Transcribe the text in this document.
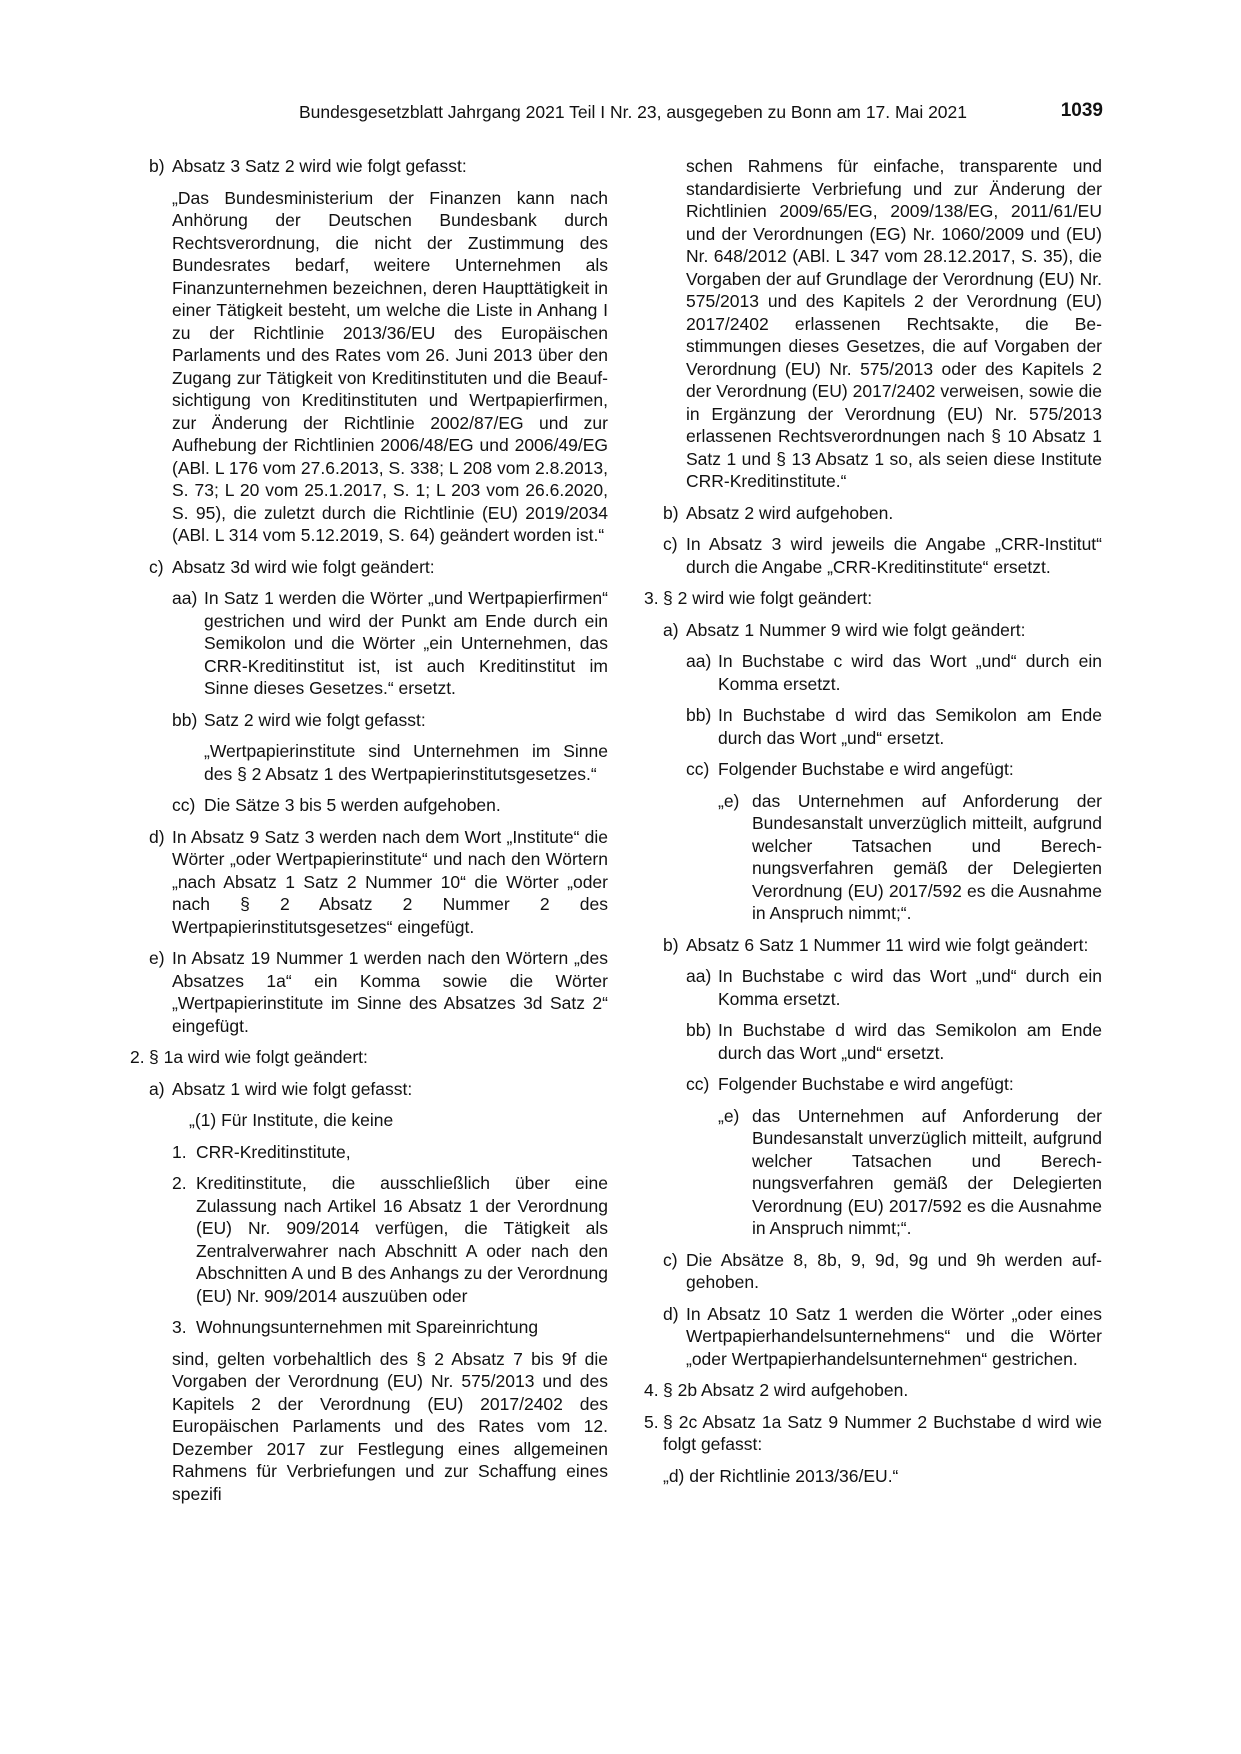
Bundesgesetzblatt Jahrgang 2021 Teil I Nr. 23, ausgegeben zu Bonn am 17. Mai 2021	1039
b) Absatz 3 Satz 2 wird wie folgt gefasst:
„Das Bundesministerium der Finanzen kann nach Anhörung der Deutschen Bundesbank durch Rechtsverordnung, die nicht der Zustimmung des Bundesrates bedarf, weitere Unternehmen als Finanzunternehmen bezeichnen, deren Haupttätigkeit in einer Tätigkeit besteht, um welche die Liste in Anhang I zu der Richtlinie 2013/36/EU des Europäischen Parlaments und des Rates vom 26. Juni 2013 über den Zugang zur Tätigkeit von Kreditinstituten und die Beaufsichtigung von Kreditinstituten und Wertpapierfirmen, zur Änderung der Richtlinie 2002/87/EG und zur Aufhebung der Richtlinien 2006/48/EG und 2006/49/EG (ABl. L 176 vom 27.6.2013, S. 338; L 208 vom 2.8.2013, S. 73; L 20 vom 25.1.2017, S. 1; L 203 vom 26.6.2020, S. 95), die zuletzt durch die Richtlinie (EU) 2019/2034 (ABl. L 314 vom 5.12.2019, S. 64) geändert worden ist.“
c) Absatz 3d wird wie folgt geändert:
aa) In Satz 1 werden die Wörter „und Wertpapierfirmen“ gestrichen und wird der Punkt am Ende durch ein Semikolon und die Wörter „ein Unternehmen, das CRR-Kreditinstitut ist, ist auch Kreditinstitut im Sinne dieses Gesetzes.“ ersetzt.
bb) Satz 2 wird wie folgt gefasst:
„Wertpapierinstitute sind Unternehmen im Sinne des § 2 Absatz 1 des Wertpapierinstitutsgesetzes.“
cc) Die Sätze 3 bis 5 werden aufgehoben.
d) In Absatz 9 Satz 3 werden nach dem Wort „Institute“ die Wörter „oder Wertpapierinstitute“ und nach den Wörtern „nach Absatz 1 Satz 2 Nummer 10“ die Wörter „oder nach § 2 Absatz 2 Nummer 2 des Wertpapierinstitutsgesetzes“ eingefügt.
e) In Absatz 19 Nummer 1 werden nach den Wörtern „des Absatzes 1a“ ein Komma sowie die Wörter „Wertpapierinstitute im Sinne des Absatzes 3d Satz 2“ eingefügt.
2. § 1a wird wie folgt geändert:
a) Absatz 1 wird wie folgt gefasst:
„(1) Für Institute, die keine
1. CRR-Kreditinstitute,
2. Kreditinstitute, die ausschließlich über eine Zulassung nach Artikel 16 Absatz 1 der Verordnung (EU) Nr. 909/2014 verfügen, die Tätigkeit als Zentralverwahrer nach Abschnitt A oder nach den Abschnitten A und B des Anhangs zu der Verordnung (EU) Nr. 909/2014 auszuüben oder
3. Wohnungsunternehmen mit Spareinrichtung
sind, gelten vorbehaltlich des § 2 Absatz 7 bis 9f die Vorgaben der Verordnung (EU) Nr. 575/2013 und des Kapitels 2 der Verordnung (EU) 2017/2402 des Europäischen Parlaments und des Rates vom 12. Dezember 2017 zur Festlegung eines allgemeinen Rahmens für Verbriefungen und zur Schaffung eines spezifi
schen Rahmens für einfache, transparente und standardisierte Verbriefung und zur Änderung der Richtlinien 2009/65/EG, 2009/138/EG, 2011/61/EU und der Verordnungen (EG) Nr. 1060/2009 und (EU) Nr. 648/2012 (ABl. L 347 vom 28.12.2017, S. 35), die Vorgaben der auf Grundlage der Verordnung (EU) Nr. 575/2013 und des Kapitels 2 der Verordnung (EU) 2017/2402 erlassenen Rechtsakte, die Bestimmungen dieses Gesetzes, die auf Vorgaben der Verordnung (EU) Nr. 575/2013 oder des Kapitels 2 der Verordnung (EU) 2017/2402 verweisen, sowie die in Ergänzung der Verordnung (EU) Nr. 575/2013 erlassenen Rechtsverordnungen nach § 10 Absatz 1 Satz 1 und § 13 Absatz 1 so, als seien diese Institute CRR-Kreditinstitute.“
b) Absatz 2 wird aufgehoben.
c) In Absatz 3 wird jeweils die Angabe „CRR-Institut“ durch die Angabe „CRR-Kreditinstitute“ ersetzt.
3. § 2 wird wie folgt geändert:
a) Absatz 1 Nummer 9 wird wie folgt geändert:
aa) In Buchstabe c wird das Wort „und“ durch ein Komma ersetzt.
bb) In Buchstabe d wird das Semikolon am Ende durch das Wort „und“ ersetzt.
cc) Folgender Buchstabe e wird angefügt:
„e) das Unternehmen auf Anforderung der Bundesanstalt unverzüglich mitteilt, aufgrund welcher Tatsachen und Berechnungsverfahren gemäß der Delegierten Verordnung (EU) 2017/592 es die Ausnahme in Anspruch nimmt;“.
b) Absatz 6 Satz 1 Nummer 11 wird wie folgt geändert:
aa) In Buchstabe c wird das Wort „und“ durch ein Komma ersetzt.
bb) In Buchstabe d wird das Semikolon am Ende durch das Wort „und“ ersetzt.
cc) Folgender Buchstabe e wird angefügt:
„e) das Unternehmen auf Anforderung der Bundesanstalt unverzüglich mitteilt, aufgrund welcher Tatsachen und Berechnungsverfahren gemäß der Delegierten Verordnung (EU) 2017/592 es die Ausnahme in Anspruch nimmt;“.
c) Die Absätze 8, 8b, 9, 9d, 9g und 9h werden aufgehoben.
d) In Absatz 10 Satz 1 werden die Wörter „oder eines Wertpapierhandelsunternehmens“ und die Wörter „oder Wertpapierhandelsunternehmen“ gestrichen.
4. § 2b Absatz 2 wird aufgehoben.
5. § 2c Absatz 1a Satz 9 Nummer 2 Buchstabe d wird wie folgt gefasst:
„d) der Richtlinie 2013/36/EU.“
